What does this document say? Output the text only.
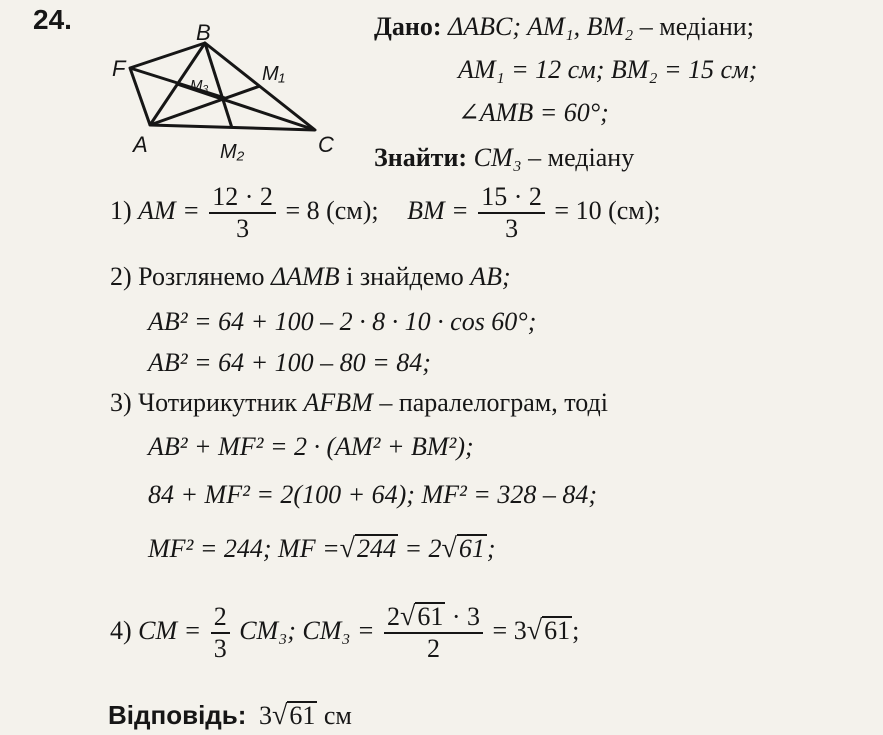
24.	B
F
M₃
M₁
A	M₂	C
Дано: ΔABC; AM₁, BM₂ – медіани;
AM₁ = 12 см; BM₂ = 15 см;
∠AMB = 60°;
Знайти: CM₃ – медіану
1) AM = $\frac{12 \cdot 2}{3} = 8$ (см); BM = $\frac{15 \cdot 2}{3} = 10$ (см);
2) Розглянемо ΔAMB і знайдемо AB;
AB² = 64 + 100 – 2 · 8 · 10 · cos 60°;
AB² = 64 + 100 – 80 = 84;
3) Чотирикутник AFBM – паралелограм, тоді
AB² + MF² = 2 · (AM² + BM²);
84 + MF² = 2(100 + 64); MF² = 328 – 84;
MF² = 244; MF =√244 = 2√61;
4) CM = $\frac{2}{3} CM_3$; $CM_3 = \frac{2√61 \cdot 3}{2} = 3√61$;
Відповідь: 3√61 см
